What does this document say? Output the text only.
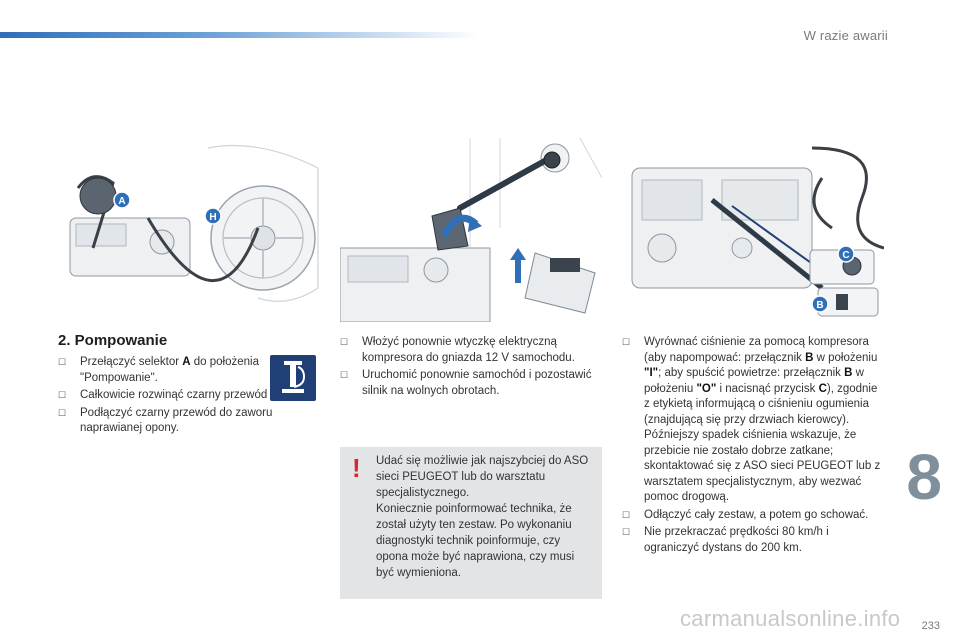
W razie awarii
A
H
C
B
2. Pompowanie
☐ Przełączyć selektor A do położenia "Pompowanie".
☐ Całkowicie rozwinąć czarny przewód
☐ Podłączyć czarny przewód do zaworu naprawianej opony.
☐ Włożyć ponownie wtyczkę elektryczną kompresora do gniazda 12 V samochodu.
☐ Uruchomić ponownie samochód i pozostawić silnik na wolnych obrotach.
! Udać się możliwie jak najszybciej do ASO sieci PEUGEOT lub do warsztatu specjalistycznego.

Koniecznie poinformować technika, że został użyty ten zestaw. Po wykonaniu diagnostyki technik poinformuje, czy opona może być naprawiona, czy musi być wymieniona.

☐ Wyrównać ciśnienie za pomocą kompresora (aby napompować: przełącznik B w położeniu "I"; aby spuścić powietrze: przełącznik B w położeniu "O" i nacisnąć przycisk C), zgodnie z etykietą informującą o ciśnieniu ogumienia (znajdującą się przy drzwiach kierowcy). Późniejszy spadek ciśnienia wskazuje, że przebicie nie zostało dobrze zatkane; skontaktować się z ASO sieci PEUGEOT lub z warsztatem specjalistycznym, aby wezwać pomoc drogową.
☐ Odłączyć cały zestaw, a potem go schować.
☐ Nie przekraczać prędkości 80 km/h i ograniczyć dystans do 200 km.
8
carmanualsonline.info 233
